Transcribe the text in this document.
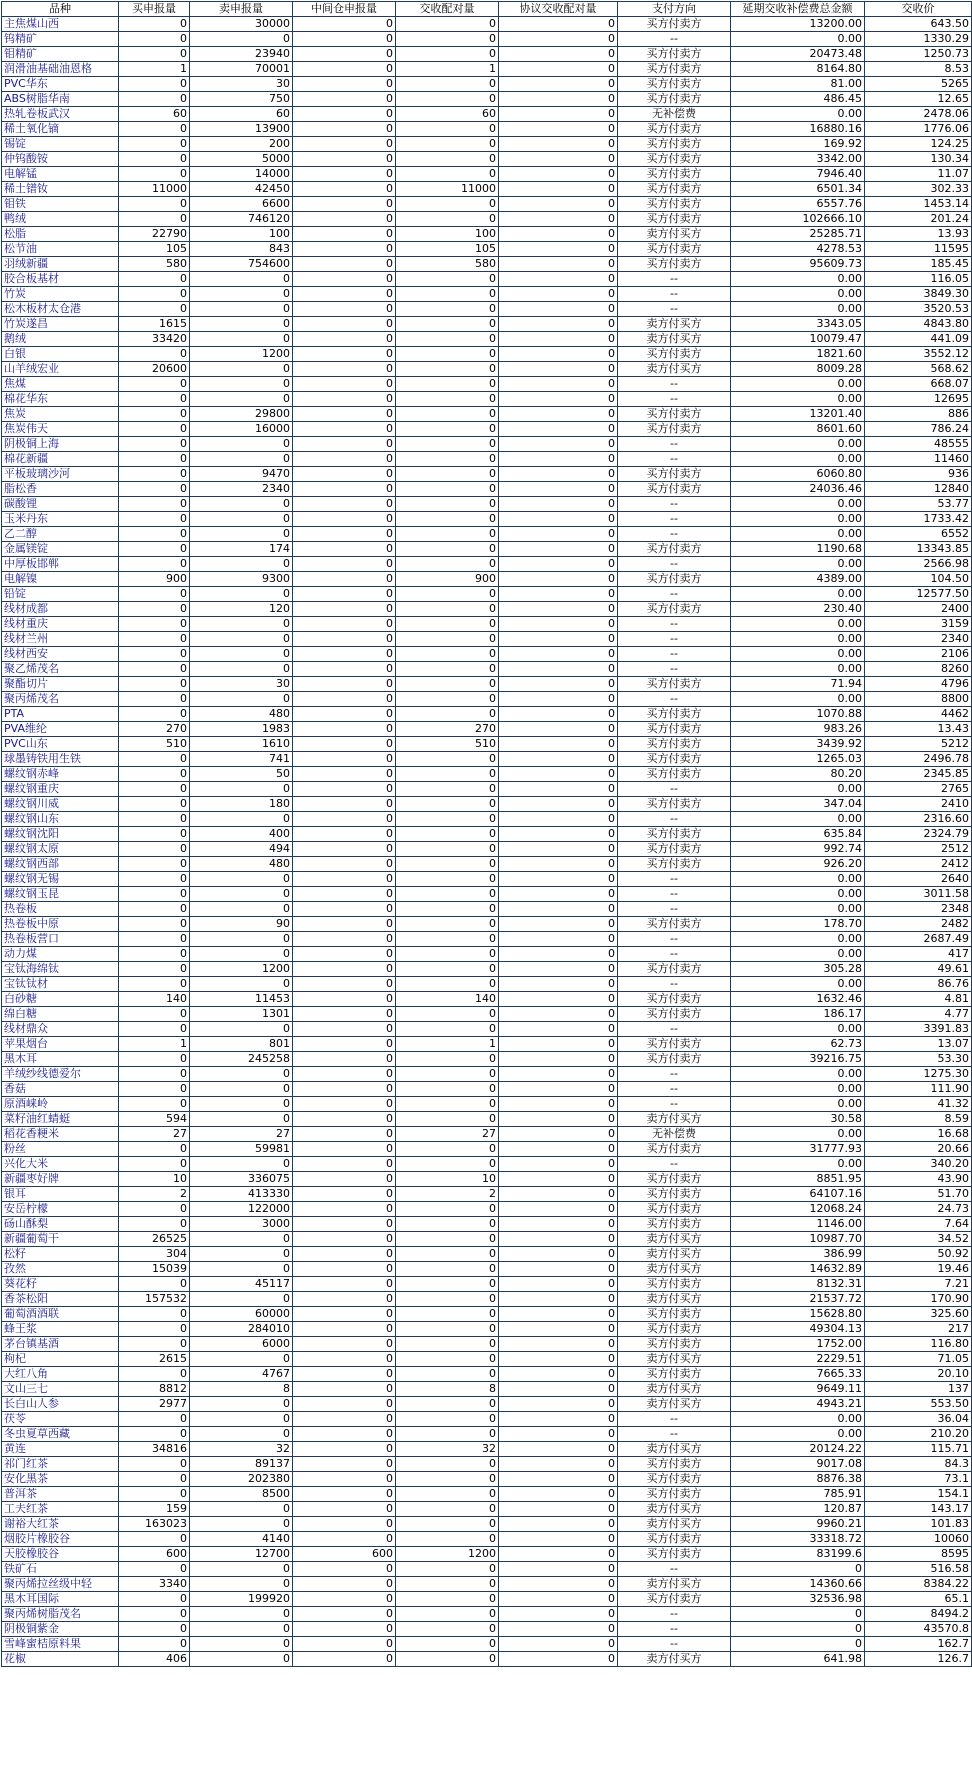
品种	买申报量	卖申报量	中间仓申报量	交收配对量	协议交收配对量	支付方向	延期交收补偿费总金额	交收价
主焦煤山西	0	30000	0	0	0	买方付卖方	13200.00	643.50
钨精矿	0	0	0	0	0	--	0.00	1330.29
钼精矿	0	23940	0	0	0	买方付卖方	20473.48	1250.73
润滑油基础油恩格	1	70001	0	1	0	买方付卖方	8164.80	8.53
PVC华东	0	30	0	0	0	买方付卖方	81.00	5265
ABS树脂华南	0	750	0	0	0	买方付卖方	486.45	12.65
热轧卷板武汉	60	60	0	60	0	无补偿费	0.00	2478.06
稀土氧化镝	0	13900	0	0	0	买方付卖方	16880.16	1776.06
锡锭	0	200	0	0	0	买方付卖方	169.92	124.25
仲钨酸铵	0	5000	0	0	0	买方付卖方	3342.00	130.34
电解锰	0	14000	0	0	0	买方付卖方	7946.40	11.07
稀土镨钕	11000	42450	0	11000	0	买方付卖方	6501.34	302.33
钼铁	0	6600	0	0	0	买方付卖方	6557.76	1453.14
鸭绒	0	746120	0	0	0	买方付卖方	102666.10	201.24
松脂	22790	100	0	100	0	卖方付买方	25285.71	13.93
松节油	105	843	0	105	0	买方付卖方	4278.53	11595
羽绒新疆	580	754600	0	580	0	买方付卖方	95609.73	185.45
胶合板基材	0	0	0	0	0	--	0.00	116.05
竹炭	0	0	0	0	0	--	0.00	3849.30
松木板材太仓港	0	0	0	0	0	--	0.00	3520.53
竹炭遂昌	1615	0	0	0	0	卖方付买方	3343.05	4843.80
鹅绒	33420	0	0	0	0	卖方付买方	10079.47	441.09
白银	0	1200	0	0	0	买方付卖方	1821.60	3552.12
山羊绒宏业	20600	0	0	0	0	卖方付买方	8009.28	568.62
焦煤	0	0	0	0	0	--	0.00	668.07
棉花华东	0	0	0	0	0	--	0.00	12695
焦炭	0	29800	0	0	0	买方付卖方	13201.40	886
焦炭伟天	0	16000	0	0	0	买方付卖方	8601.60	786.24
阴极铜上海	0	0	0	0	0	--	0.00	48555
棉花新疆	0	0	0	0	0	--	0.00	11460
平板玻璃沙河	0	9470	0	0	0	买方付卖方	6060.80	936
脂松香	0	2340	0	0	0	买方付卖方	24036.46	12840
碳酸锂	0	0	0	0	0	--	0.00	53.77
玉米丹东	0	0	0	0	0	--	0.00	1733.42
乙二醇	0	0	0	0	0	--	0.00	6552
金属镁锭	0	174	0	0	0	买方付卖方	1190.68	13343.85
中厚板邯郸	0	0	0	0	0	--	0.00	2566.98
电解镍	900	9300	0	900	0	买方付卖方	4389.00	104.50
铅锭	0	0	0	0	0	--	0.00	12577.50
线材成都	0	120	0	0	0	买方付卖方	230.40	2400
线材重庆	0	0	0	0	0	--	0.00	3159
线材兰州	0	0	0	0	0	--	0.00	2340
线材西安	0	0	0	0	0	--	0.00	2106
聚乙烯茂名	0	0	0	0	0	--	0.00	8260
聚酯切片	0	30	0	0	0	买方付卖方	71.94	4796
聚丙烯茂名	0	0	0	0	0	--	0.00	8800
PTA	0	480	0	0	0	买方付卖方	1070.88	4462
PVA维纶	270	1983	0	270	0	买方付卖方	983.26	13.43
PVC山东	510	1610	0	510	0	买方付卖方	3439.92	5212
球墨铸铁用生铁	0	741	0	0	0	买方付卖方	1265.03	2496.78
螺纹钢赤峰	0	50	0	0	0	买方付卖方	80.20	2345.85
螺纹钢重庆	0	0	0	0	0	--	0.00	2765
螺纹钢川威	0	180	0	0	0	买方付卖方	347.04	2410
螺纹钢山东	0	0	0	0	0	--	0.00	2316.60
螺纹钢沈阳	0	400	0	0	0	买方付卖方	635.84	2324.79
螺纹钢太原	0	494	0	0	0	买方付卖方	992.74	2512
螺纹钢西部	0	480	0	0	0	买方付卖方	926.20	2412
螺纹钢无锡	0	0	0	0	0	--	0.00	2640
螺纹钢玉昆	0	0	0	0	0	--	0.00	3011.58
热卷板	0	0	0	0	0	--	0.00	2348
热卷板中原	0	90	0	0	0	买方付卖方	178.70	2482
热卷板营口	0	0	0	0	0	--	0.00	2687.49
动力煤	0	0	0	0	0	--	0.00	417
宝钛海绵钛	0	1200	0	0	0	买方付卖方	305.28	49.61
宝钛钛材	0	0	0	0	0	--	0.00	86.76
白砂糖	140	11453	0	140	0	买方付卖方	1632.46	4.81
绵白糖	0	1301	0	0	0	买方付卖方	186.17	4.77
线材鼎众	0	0	0	0	0	--	0.00	3391.83
苹果烟台	1	801	0	1	0	买方付卖方	62.73	13.07
黑木耳	0	245258	0	0	0	买方付卖方	39216.75	53.30
羊绒纱线德爱尔	0	0	0	0	0	--	0.00	1275.30
香菇	0	0	0	0	0	--	0.00	111.90
原酒崃岭	0	0	0	0	0	--	0.00	41.32
菜籽油红蜻蜓	594	0	0	0	0	卖方付买方	30.58	8.59
稻花香粳米	27	27	0	27	0	无补偿费	0.00	16.68
粉丝	0	59981	0	0	0	买方付卖方	31777.93	20.66
兴化大米	0	0	0	0	0	--	0.00	340.20
新疆枣好牌	10	336075	0	10	0	买方付卖方	8851.95	43.90
银耳	2	413330	0	2	0	买方付卖方	64107.16	51.70
安岳柠檬	0	122000	0	0	0	买方付卖方	12068.24	24.73
砀山酥梨	0	3000	0	0	0	买方付卖方	1146.00	7.64
新疆葡萄干	26525	0	0	0	0	卖方付买方	10987.70	34.52
松籽	304	0	0	0	0	卖方付买方	386.99	50.92
孜然	15039	0	0	0	0	卖方付买方	14632.89	19.46
葵花籽	0	45117	0	0	0	买方付卖方	8132.31	7.21
香茶松阳	157532	0	0	0	0	卖方付买方	21537.72	170.90
葡萄酒酒联	0	60000	0	0	0	买方付卖方	15628.80	325.60
蜂王浆	0	284010	0	0	0	买方付卖方	49304.13	217
茅台镇基酒	0	6000	0	0	0	买方付卖方	1752.00	116.80
枸杞	2615	0	0	0	0	卖方付买方	2229.51	71.05
大红八角	0	4767	0	0	0	买方付卖方	7665.33	20.10
文山三七	8812	8	0	8	0	卖方付买方	9649.11	137
长白山人参	2977	0	0	0	0	卖方付买方	4943.21	553.50
茯苓	0	0	0	0	0	--	0.00	36.04
冬虫夏草西藏	0	0	0	0	0	--	0.00	210.20
黄连	34816	32	0	32	0	卖方付买方	20124.22	115.71
祁门红茶	0	89137	0	0	0	买方付卖方	9017.08	84.3
安化黑茶	0	202380	0	0	0	买方付卖方	8876.38	73.1
普洱茶	0	8500	0	0	0	买方付卖方	785.91	154.1
工夫红茶	159	0	0	0	0	卖方付买方	120.87	143.17
谢裕大红茶	163023	0	0	0	0	卖方付买方	9960.21	101.83
烟胶片橡胶谷	0	4140	0	0	0	买方付卖方	33318.72	10060
天胶橡胶谷	600	12700	600	1200	0	买方付卖方	83199.6	8595
铁矿石	0	0	0	0	0	--	0	516.58
聚丙烯拉丝级中轻	3340	0	0	0	0	卖方付买方	14360.66	8384.22
黑木耳国际	0	199920	0	0	0	买方付卖方	32536.98	65.1
聚丙烯树脂茂名	0	0	0	0	0	--	0	8494.2
阴极铜紫金	0	0	0	0	0	--	0	43570.8
雪峰蜜桔原料果	0	0	0	0	0	--	0	162.7
花椒	406	0	0	0	0	卖方付买方	641.98	126.7
